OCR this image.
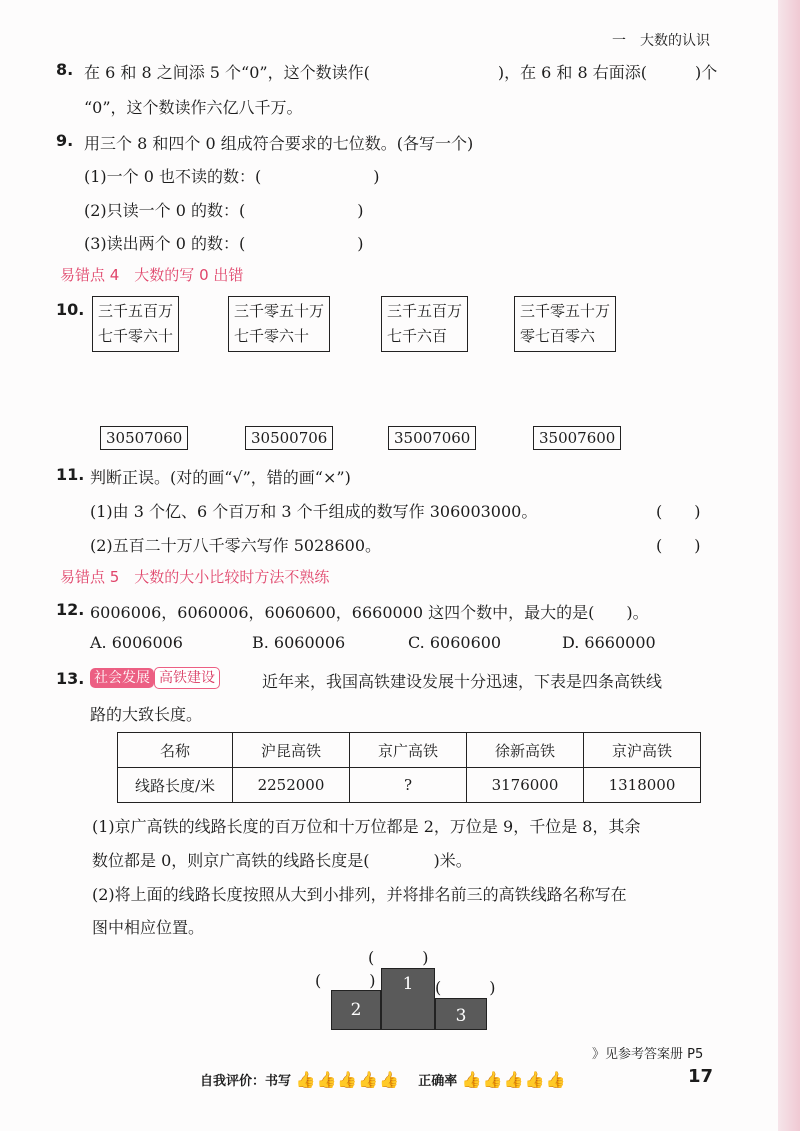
一　大数的认识
8. 在 6 和 8 之间添 5 个“0”，这个数读作(　　　　　　　　)，在 6 和 8 右面添(　　　)个
“0”，这个数读作六亿八千万。
9. 用三个 8 和四个 0 组成符合要求的七位数。(各写一个)
(1)一个 0 也不读的数：(　　　　　　　)
(2)只读一个 0 的数：(　　　　　　　)
(3)读出两个 0 的数：(　　　　　　　)
易错点 4　大数的写 0 出错
10. 三千五百万
七千零六十
三千零五十万
七千零六十
三千五百万
七千六百
三千零五十万
零七百零六
30507060	30500706	35007060	35007600
11. 判断正误。(对的画“√”，错的画“×”)
(1)由 3 个亿、6 个百万和 3 个千组成的数写作 306003000。	(　　)
(2)五百二十万八千零六写作 5028600。	(　　)
易错点 5　大数的大小比较时方法不熟练
12. 6006006，6060006，6060600，6660000 这四个数中，最大的是(　　)。
A. 6006006	B. 6060006	C. 6060600	D. 6660000
13. 社会发展 高铁建设	近年来，我国高铁建设发展十分迅速，下表是四条高铁线
路的大致长度。
名称	沪昆高铁	京广高铁	徐新高铁	京沪高铁
线路长度/米	2252000	?	3176000	1318000
(1)京广高铁的线路长度的百万位和十万位都是 2，万位是 9，千位是 8，其余
数位都是 0，则京广高铁的线路长度是(　　　　)米。
(2)将上面的线路长度按照从大到小排列，并将排名前三的高铁线路名称写在
图中相应位置。
(　　　)
(　　　)	(　　　)
1
2	3
》见参考答案册 P5
自我评价：书写 👍👍👍👍👍 正确率 👍👍👍👍👍	17
